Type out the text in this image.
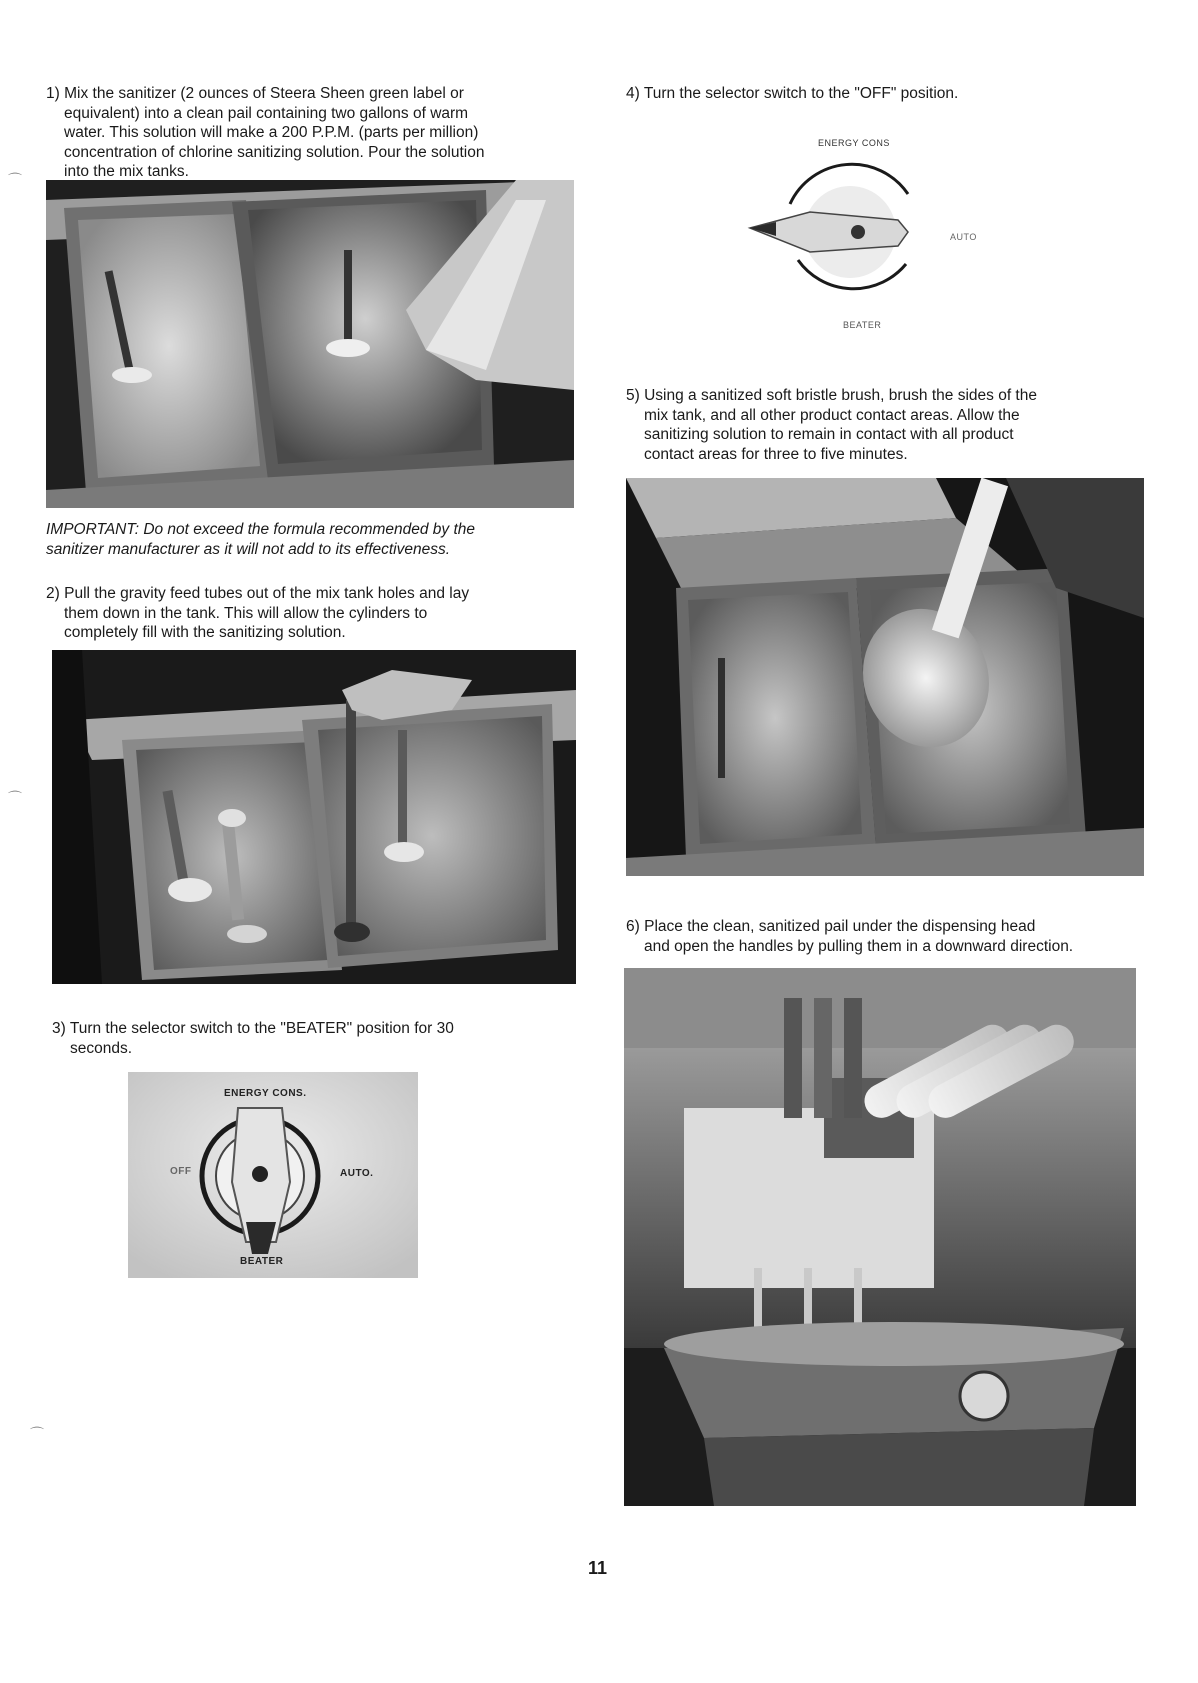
1) Mix the sanitizer (2 ounces of Steera Sheen green label or
equivalent) into a clean pail containing two gallons of warm
water. This solution will make a 200 P.P.M. (parts per million)
concentration of chlorine sanitizing solution. Pour the solution
into the mix tanks.
IMPORTANT: Do not exceed the formula recommended by the
sanitizer manufacturer as it will not add to its effectiveness.
2) Pull the gravity feed tubes out of the mix tank holes and lay
them down in the tank. This will allow the cylinders to
completely fill with the sanitizing solution.
3) Turn the selector switch to the "BEATER" position for 30
seconds.
ENERGY CONS.
OFF	AUTO.
BEATER
4) Turn the selector switch to the "OFF" position.
ENERGY CONS
AUTO
BEATER
5) Using a sanitized soft bristle brush, brush the sides of the
mix tank, and all other product contact areas. Allow the
sanitizing solution to remain in contact with all product
contact areas for three to five minutes.
6) Place the clean, sanitized pail under the dispensing head
and open the handles by pulling them in a downward direction.
11
⌒
⌒
⌒
